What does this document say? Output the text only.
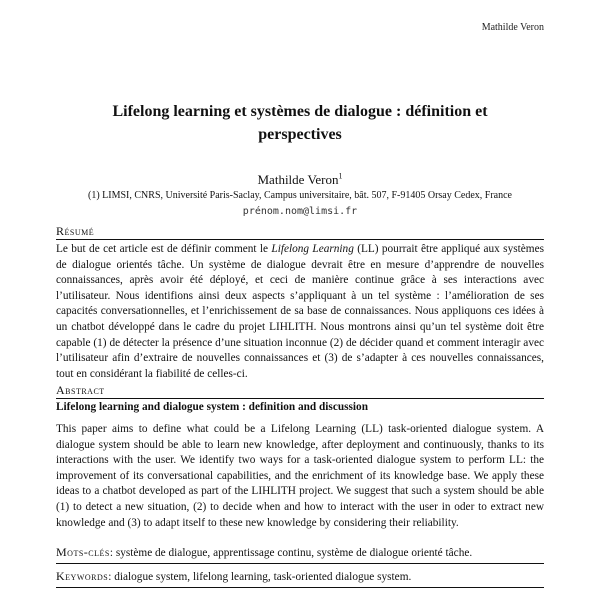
Mathilde Veron
Lifelong learning et systèmes de dialogue : définition et perspectives
Mathilde Veron$^1$
(1) LIMSI, CNRS, Université Paris-Saclay, Campus universitaire, bât. 507, F-91405 Orsay Cedex, France
prénom.nom@limsi.fr
Résumé

Le but de cet article est de définir comment le Lifelong Learning (LL) pourrait être appliqué aux systèmes de dialogue orientés tâche. Un système de dialogue devrait être en mesure d’apprendre de nouvelles connaissances, après avoir été déployé, et ceci de manière continue grâce à ses interactions avec l’utilisateur. Nous identifions ainsi deux aspects s’appliquant à un tel système : l’amélioration de ses capacités conversationnelles, et l’enrichissement de sa base de connaissances. Nous appliquons ces idées à un chatbot développé dans le cadre du projet LIHLITH. Nous montrons ainsi qu’un tel système doit être capable (1) de détecter la présence d’une situation inconnue (2) de décider quand et comment interagir avec l’utilisateur afin d’extraire de nouvelles connaissances et (3) de s’adapter à ces nouvelles connaissances, tout en considérant la fiabilité de celles-ci.

Abstract
Lifelong learning and dialogue system : definition and discussion

This paper aims to define what could be a Lifelong Learning (LL) task-oriented dialogue system. A dialogue system should be able to learn new knowledge, after deployment and continuously, thanks to its interactions with the user. We identify two ways for a task-oriented dialogue system to perform LL: the improvement of its conversational capabilities, and the enrichment of its knowledge base. We apply these ideas to a chatbot developed as part of the LIHLITH project. We suggest that such a system should be able (1) to detect a new situation, (2) to decide when and how to interact with the user in oder to extract new knowledge and (3) to adapt itself to these new knowledge by considering their reliability.

Mots-clés: système de dialogue, apprentissage continu, système de dialogue orienté tâche.
Keywords: dialogue system, lifelong learning, task-oriented dialogue system.
